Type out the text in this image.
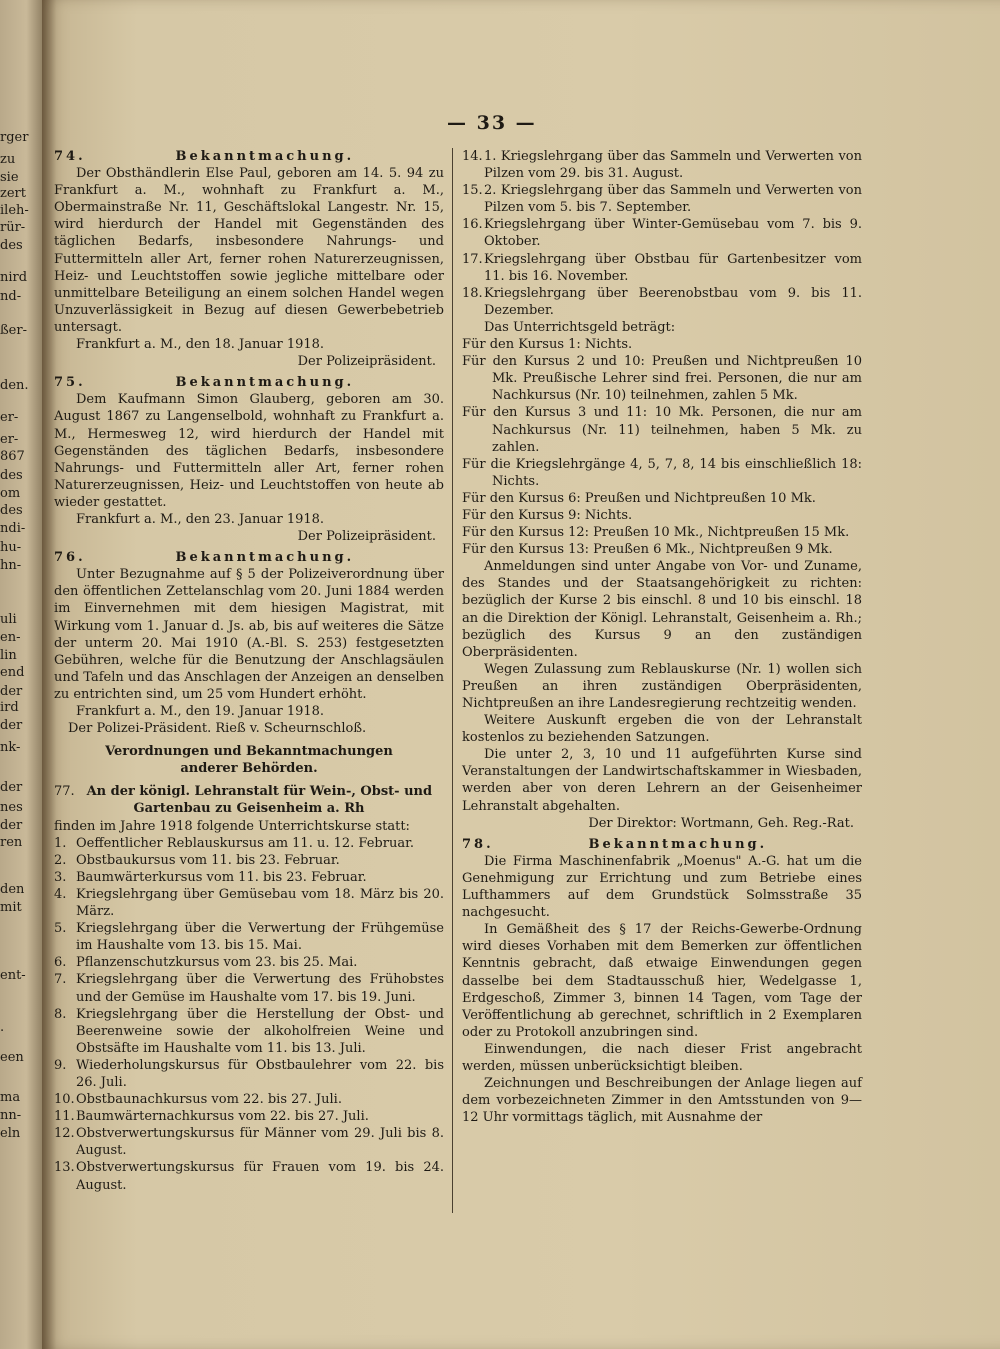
rger
zu
sie
zert
ileh-
rür-
des
nird
nd-
ßer-
den.
er-
er-
867
des
om
des
ndi-
hu-
hn-
uli
en-
lin
end
der
ird
der
nk-
der
nes
der
ren
den
mit
ent-
.
een
ma
nn-
eln
— 33 —

74.	Bekanntmachung.

Der Obsthändlerin Else Paul, geboren am 14. 5. 94 zu Frankfurt a. M., wohnhaft zu Frankfurt a. M., Obermainstraße Nr. 11, Geschäftslokal Langestr. Nr. 15, wird hierdurch der Handel mit Gegenständen des täglichen Bedarfs, insbesondere Nahrungs- und Futtermitteln aller Art, ferner rohen Naturerzeugnissen, Heiz- und Leuchtstoffen sowie jegliche mittelbare oder unmittelbare Beteiligung an einem solchen Handel wegen Unzuverlässigkeit in Bezug auf diesen Gewerbebetrieb untersagt.

Frankfurt a. M., den 18. Januar 1918.

Der Polizeipräsident.

75.	Bekanntmachung.

Dem Kaufmann Simon Glauberg, geboren am 30. August 1867 zu Langenselbold, wohnhaft zu Frankfurt a. M., Hermesweg 12, wird hierdurch der Handel mit Gegenständen des täglichen Bedarfs, insbesondere Nahrungs- und Futtermitteln aller Art, ferner rohen Naturerzeugnissen, Heiz- und Leuchtstoffen von heute ab wieder gestattet.

Frankfurt a. M., den 23. Januar 1918.

Der Polizeipräsident.

76.	Bekanntmachung.

Unter Bezugnahme auf § 5 der Polizeiverordnung über den öffentlichen Zettelanschlag vom 20. Juni 1884 werden im Einvernehmen mit dem hiesigen Magistrat, mit Wirkung vom 1. Januar d. Js. ab, bis auf weiteres die Sätze der unterm 20. Mai 1910 (A.-Bl. S. 253) festgesetzten Gebühren, welche für die Benutzung der Anschlagsäulen und Tafeln und das Anschlagen der Anzeigen an denselben zu entrichten sind, um 25 vom Hundert erhöht.

Frankfurt a. M., den 19. Januar 1918.

Der Polizei-Präsident. Rieß v. Scheurnschloß.

Verordnungen und Bekanntmachungen anderer Behörden.

77. An der königl. Lehranstalt für Wein-, Obst- und Gartenbau zu Geisenheim a. Rh

finden im Jahre 1918 folgende Unterrichtskurse statt:

1. Oeffentlicher Reblauskursus am 11. u. 12. Februar.
2. Obstbaukursus vom 11. bis 23. Februar.
3. Baumwärterkursus vom 11. bis 23. Februar.
4. Kriegslehrgang über Gemüsebau vom 18. März bis 20. März.
5. Kriegslehrgang über die Verwertung der Frühgemüse im Haushalte vom 13. bis 15. Mai.
6. Pflanzenschutzkursus vom 23. bis 25. Mai.
7. Kriegslehrgang über die Verwertung des Frühobstes und der Gemüse im Haushalte vom 17. bis 19. Juni.
8. Kriegslehrgang über die Herstellung der Obst- und Beerenweine sowie der alkoholfreien Weine und Obstsäfte im Haushalte vom 11. bis 13. Juli.
9. Wiederholungskursus für Obstbaulehrer vom 22. bis 26. Juli.
10. Obstbaunachkursus vom 22. bis 27. Juli.
11. Baumwärternachkursus vom 22. bis 27. Juli.
12. Obstverwertungskursus für Männer vom 29. Juli bis 8. August.
13. Obstverwertungskursus für Frauen vom 19. bis 24. August.
14. 1. Kriegslehrgang über das Sammeln und Verwerten von Pilzen vom 29. bis 31. August.
15. 2. Kriegslehrgang über das Sammeln und Verwerten von Pilzen vom 5. bis 7. September.
16. Kriegslehrgang über Winter-Gemüsebau vom 7. bis 9. Oktober.
17. Kriegslehrgang über Obstbau für Gartenbesitzer vom 11. bis 16. November.
18. Kriegslehrgang über Beerenobstbau vom 9. bis 11. Dezember.

Das Unterrichtsgeld beträgt:

Für den Kursus 1: Nichts.

Für den Kursus 2 und 10: Preußen und Nichtpreußen 10 Mk. Preußische Lehrer sind frei. Personen, die nur am Nachkursus (Nr. 10) teilnehmen, zahlen 5 Mk.

Für den Kursus 3 und 11: 10 Mk. Personen, die nur am Nachkursus (Nr. 11) teilnehmen, haben 5 Mk. zu zahlen.

Für die Kriegslehrgänge 4, 5, 7, 8, 14 bis einschließlich 18: Nichts.

Für den Kursus 6: Preußen und Nichtpreußen 10 Mk.

Für den Kursus 9: Nichts.

Für den Kursus 12: Preußen 10 Mk., Nichtpreußen 15 Mk.

Für den Kursus 13: Preußen 6 Mk., Nichtpreußen 9 Mk.

Anmeldungen sind unter Angabe von Vor- und Zuname, des Standes und der Staatsangehörigkeit zu richten: bezüglich der Kurse 2 bis einschl. 8 und 10 bis einschl. 18 an die Direktion der Königl. Lehranstalt, Geisenheim a. Rh.; bezüglich des Kursus 9 an den zuständigen Oberpräsidenten.

Wegen Zulassung zum Reblauskurse (Nr. 1) wollen sich Preußen an ihren zuständigen Oberpräsidenten, Nichtpreußen an ihre Landesregierung rechtzeitig wenden.

Weitere Auskunft ergeben die von der Lehranstalt kostenlos zu beziehenden Satzungen.

Die unter 2, 3, 10 und 11 aufgeführten Kurse sind Veranstaltungen der Landwirtschaftskammer in Wiesbaden, werden aber von deren Lehrern an der Geisenheimer Lehranstalt abgehalten.

Der Direktor: Wortmann, Geh. Reg.-Rat.

78.	Bekanntmachung.

Die Firma Maschinenfabrik „Moenus" A.-G. hat um die Genehmigung zur Errichtung und zum Betriebe eines Lufthammers auf dem Grundstück Solmsstraße 35 nachgesucht.

In Gemäßheit des § 17 der Reichs-Gewerbe-Ordnung wird dieses Vorhaben mit dem Bemerken zur öffentlichen Kenntnis gebracht, daß etwaige Einwendungen gegen dasselbe bei dem Stadtausschuß hier, Wedelgasse 1, Erdgeschoß, Zimmer 3, binnen 14 Tagen, vom Tage der Veröffentlichung ab gerechnet, schriftlich in 2 Exemplaren oder zu Protokoll anzubringen sind.

Einwendungen, die nach dieser Frist angebracht werden, müssen unberücksichtigt bleiben.

Zeichnungen und Beschreibungen der Anlage liegen auf dem vorbezeichneten Zimmer in den Amtsstunden von 9—12 Uhr vormittags täglich, mit Ausnahme der
